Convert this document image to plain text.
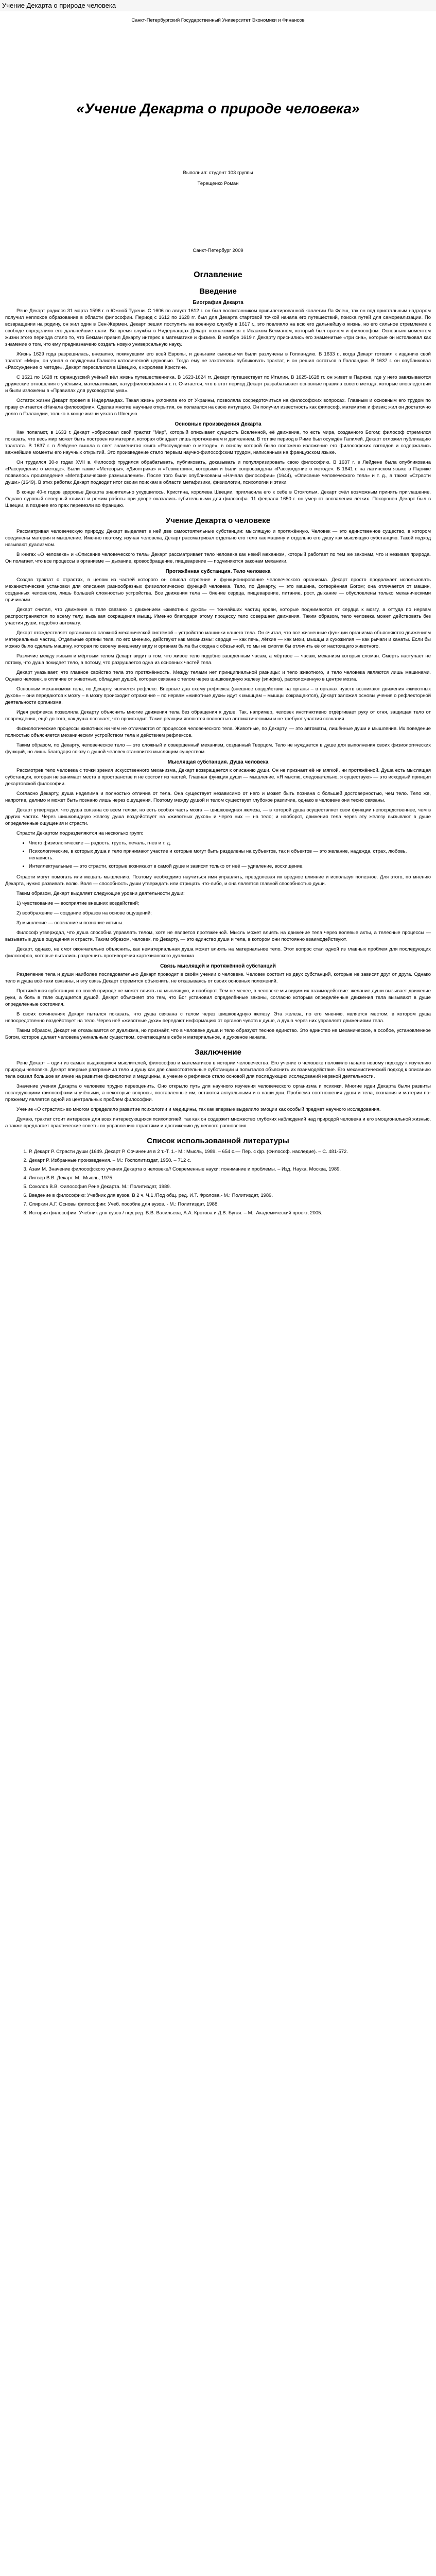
Учение Декарта о природе человека
Санкт-Петербургский Государственный Университет Экономики и Финансов
«Учение Декарта о природе человека»
Выполнил: студент 103 группы
Терещенко Роман
Санкт-Петербург 2009
Оглавление
Введение
Биография Декарта

Рене Декарт родился 31 марта 1596 г. в Южной Турени. С 1606 по август 1612 г. он был воспитанником привилегированной коллегии Ла Флеш, так он под пристальным надзором получил неплохое образование в области философии. Период с 1612 по 1628 гг. был для Декарта стартовой точкой начала его путешествий, поиска путей для самореализации. По возвращении на родину, он жил один в Сен-Жермен. Декарт решил поступить на военную службу в 1617 г., это повлияло на всю его дальнейшую жизнь, но его сильное стремление к свободе определило его дальнейшие шаги. Во время службы в Нидерландах Декарт познакомился с Исааком Бекманом, который был врачом и философом. Основным моментом жизни этого периода стало то, что Бекман привил Декарту интерес к математике и физике. В ноябре 1619 г. Декарту приснились его знаменитые «три сна», которые он истолковал как знамение о том, что ему предназначено создать новую универсальную науку.

Жизнь 1629 года разрешилась, внезапно, покинувшим его всей Европы, и деньгами сыновьями были разлучены в Голландию. В 1633 г., когда Декарт готовил к изданию свой трактат «Мир», он узнал о осуждении Галилея католической церковью. Тогда ему не захотелось публиковать трактат, и он решил остаться в Голландии. В 1637 г. он опубликовал «Рассуждение о методе». Декарт переселился в Швецию, к королеве Кристине.

С 1621 по 1628 гг. французский учёный вёл жизнь путешественника. В 1623-1624 гг. Декарт путешествует по Италии. В 1625-1628 гг. он живет в Париже, где у него завязываются дружеские отношения с учёными, математиками, натурфилософами и т. п. Считается, что в этот период Декарт разрабатывает основные правила своего метода, которые впоследствии и были изложены в «Правилах для руководства ума».

Остаток жизни Декарт провел в Нидерландах. Такая жизнь уклоняла его от Украины, позволяла сосредоточиться на философских вопросах. Главным и основным его трудом по праву считается «Начала философии». Сделав многие научные открытия, он полагался на свою интуицию. Он получил известность как философ, математик и физик; жил он достаточно долго в Голландии, только в конце жизни уехав в Швецию.

Основные произведения Декарта

Как полагают, в 1633 г. Декарт «обрисовал свой трактат "Мир", который описывает сущность Вселенной, её движение, то есть мира, созданного Богом; философ стремился показать, что весь мир может быть построен из материи, которая обладает лишь протяжением и движением. В тот же период в Риме был осуждён Галилей. Декарт отложил публикацию трактата. В 1637 г. в Лейдене вышла в свет знаменитая книга «Рассуждение о методе», в основу которой было положено изложение его философских взглядов и содержались важнейшие моменты его научных открытий. Это произведение стало первым научно-философским трудом, написанным на французском языке.

Он трудился 30-х годах XVII в. Философ трудился обрабатывать, публиковать, доказывать и популяризировать свою философию. В 1637 г. в Лейдене была опубликована «Рассуждение о методе». Были также «Метеоры», «Диоптрика» и «Геометрия», которыми и были сопровождены «Рассуждение о методе». В 1641 г. на латинском языке в Париже появилось произведение «Метафизические размышления». После того были опубликованы «Начала философии» (1644), «Описание человеческого тела» и т. д., а также «Страсти души» (1649). В этих работах Декарт подводит итог своим поискам в области метафизики, физиологии, психологии и этики.

В конце 40-х годов здоровье Декарта значительно ухудшилось. Кристина, королева Швеции, пригласила его к себе в Стокгольм. Декарт счёл возможным принять приглашение. Однако суровый северный климат и режим работы при дворе оказались губительными для философа. 11 февраля 1650 г. он умер от воспаления лёгких. Похоронен Декарт был в Швеции, а позднее его прах перевезли во Францию.

Учение Декарта о человеке

Рассматривая человеческую природу, Декарт выделяет в ней две самостоятельные субстанции: мыслящую и протяжённую. Человек — это единственное существо, в котором соединены материя и мышление. Именно поэтому, изучая человека, Декарт рассматривал отдельно его тело как машину и отдельно его душу как мыслящую субстанцию. Такой подход называют дуализмом.

В книгах «О человеке» и «Описание человеческого тела» Декарт рассматривает тело человека как некий механизм, который работает по тем же законам, что и неживая природа. Он полагает, что все процессы в организме — дыхание, кровообращение, пищеварение — подчиняются законам механики.

Протяжённая субстанция. Тело человека

Создав трактат о страстях, в целом из частей которого он описал строение и функционирование человеческого организма. Декарт просто продолжает использовать механистические установки для описания разнообразных физиологических функций человека. Тело, по Декарту, — это машина, сотворённая Богом; она отличается от машин, созданных человеком, лишь большей сложностью устройства. Все движения тела — биение сердца, пищеварение, питание, рост, дыхание — обусловлены только механическими причинами.

Декарт считал, что движение в теле связано с движением «животных духов» — тончайших частиц крови, которые поднимаются от сердца к мозгу, а оттуда по нервам распространяются по всему телу, вызывая сокращения мышц. Именно благодаря этому процессу тело совершает движения. Таким образом, тело человека может действовать без участия души, подобно автомату.

Декарт отождествляет организм со сложной механической системой – устройство машинки нашего тела. Он считал, что все жизненные функции организма объясняются движением материальных частиц. Отдельные органы тела, по его мнению, действуют как механизмы: сердце — как печь, лёгкие — как мехи, мышцы и сухожилия — как рычаги и канаты. Если бы можно было сделать машину, которая по своему внешнему виду и органам была бы сходна с обезьяной, то мы не смогли бы отличить её от настоящего животного.

Различие между живым и мёртвым телом Декарт видит в том, что живое тело подобно заведённым часам, а мёртвое — часам, механизм которых сломан. Смерть наступает не потому, что душа покидает тело, а потому, что разрушается одна из основных частей тела.

Декарт указывает, что главное свойство тела это протяжённость. Между телами нет принципиальной разницы: и тело животного, и тело человека являются лишь машинами. Однако человек, в отличие от животных, обладает душой, которая связана с телом через шишковидную железу (эпифиз), расположенную в центре мозга.

Основным механизмом тела, по Декарту, является рефлекс. Впервые дав схему рефлекса (внешнее воздействие на органы – в органах чувств возникают движения «животных духов» – они передаются к мозгу – в мозгу происходит отражение – по нервам «животные духи» идут к мышцам – мышцы сокращаются), Декарт заложил основы учения о рефлекторной деятельности организма.

Идея рефлекса позволила Декарту объяснить многие движения тела без обращения к душе. Так, например, человек инстинктивно отдёргивает руку от огня, защищая тело от повреждения, ещё до того, как душа осознает, что происходит. Такие реакции являются полностью автоматическими и не требуют участия сознания.

Физиологические процессы животных ни чем не отличаются от процессов человеческого тела. Животные, по Декарту, — это автоматы, лишённые души и мышления. Их поведение полностью объясняется механическим устройством тела и действием рефлексов.

Таким образом, по Декарту, человеческое тело — это сложный и совершенный механизм, созданный Творцом. Тело не нуждается в душе для выполнения своих физиологических функций, но лишь благодаря союзу с душой человек становится мыслящим существом.

Мыслящая субстанция. Душа человека

Рассмотрев тело человека с точки зрения искусственного механизма, Декарт возвращается к описанию души. Он не признает её ни мягкой, ни протяжённой. Душа есть мыслящая субстанция, которая не занимает места в пространстве и не состоит из частей. Главная функция души — мышление. «Я мыслю, следовательно, я существую» — это исходный принцип декартовской философии.

Согласно Декарту, душа неделима и полностью отлична от тела. Она существует независимо от него и может быть познана с большей достоверностью, чем тело. Тело же, напротив, делимо и может быть познано лишь через ощущения. Поэтому между душой и телом существует глубокое различие, однако в человеке они тесно связаны.

Декарт утверждал, что душа связана со всем телом, но есть особая часть мозга — шишковидная железа, — в которой душа осуществляет свои функции непосредственнее, чем в других частях. Через шишковидную железу душа воздействует на «животных духов» и через них — на тело; и наоборот, движения тела через эту железу вызывают в душе определённые ощущения и страсти.

Страсти Декартом подразделяются на несколько групп:

• Чисто физиологические — радость, грусть, печаль, гнев и т. д.
• Психологические, в которых душа и тело принимают участие и которые могут быть разделены на субъектов, так и объектов — это желание, надежда, страх, любовь, ненависть.
• Интеллектуальные — это страсти, которые возникают в самой душе и зависят только от неё — удивление, восхищение.

Страсти могут помогать или мешать мышлению. Поэтому необходимо научиться ими управлять, преодолевая их вредное влияние и используя полезное. Для этого, по мнению Декарта, нужно развивать волю. Воля — способность души утверждать или отрицать что-либо, и она является главной способностью души.

Таким образом, Декарт выделяет следующие уровни деятельности души:

1) чувствование — восприятие внешних воздействий;

2) воображение — создание образов на основе ощущений;

3) мышление — осознание и познание истины.

Философ утверждал, что душа способна управлять телом, хотя не является протяжённой. Мысль может влиять на движение тела через волевые акты, а телесные процессы — вызывать в душе ощущения и страсти. Таким образом, человек, по Декарту, — это единство души и тела, в котором они постоянно взаимодействуют.

Декарт, однако, не смог окончательно объяснить, как нематериальная душа может влиять на материальное тело. Этот вопрос стал одной из главных проблем для последующих философов, которые пытались разрешить противоречия картезианского дуализма.

Связь мыслящей и протяжённой субстанций

Разделение тела и души наиболее последовательно Декарт проводит в своём учении о человеке. Человек состоит из двух субстанций, которые не зависят друг от друга. Однако тело и душа всё-таки связаны, и эту связь Декарт стремится объяснить, не отказываясь от своих основных положений.

Протяжённая субстанция по своей природе не может влиять на мыслящую, и наоборот. Тем не менее, в человеке мы видим их взаимодействие: желание души вызывает движение руки, а боль в теле ощущается душой. Декарт объясняет это тем, что Бог установил определённые законы, согласно которым определённые движения тела вызывают в душе определённые состояния.

В своих сочинениях Декарт пытался показать, что душа связана с телом через шишковидную железу. Эта железа, по его мнению, является местом, в котором душа непосредственно воздействует на тело. Через неё «животные духи» передают информацию от органов чувств к душе, а душа через них управляет движениями тела.

Таким образом, Декарт не отказывается от дуализма, но признаёт, что в человеке душа и тело образуют тесное единство. Это единство не механическое, а особое, установленное Богом, которое делает человека уникальным существом, сочетающим в себе и материальное, и духовное начала.

Заключение

Рене Декарт – один из самых выдающихся мыслителей, философов и математиков в истории человечества. Его учение о человеке положило начало новому подходу к изучению природы человека. Декарт впервые разграничил тело и душу как две самостоятельные субстанции и попытался объяснить их взаимодействие. Его механистический подход к описанию тела оказал большое влияние на развитие физиологии и медицины, а учение о рефлексе стало основой для последующих исследований нервной деятельности.

Значение учения Декарта о человеке трудно переоценить. Оно открыло путь для научного изучения человеческого организма и психики. Многие идеи Декарта были развиты последующими философами и учёными, а некоторые вопросы, поставленные им, остаются актуальными и в наши дни. Проблема соотношения души и тела, сознания и материи по-прежнему является одной из центральных проблем философии.

Учение «О страстях» во многом определило развитие психологии и медицины, так как впервые выделило эмоции как особый предмет научного исследования.

Думаю, трактат стоит интересен для всех интересующихся психологией, так как он содержит множество глубоких наблюдений над природой человека и его эмоциональной жизнью, а также предлагает практические советы по управлению страстями и достижению душевного равновесия.

Список использованной литературы
1. Р. Декарт Р. Страсти души (1649. Декарт Р. Сочинения в 2 т.-Т. 1.- М.: Мысль, 1989. – 654 с.— Пер. с фр. (Философ. наследие). – С. 481-572.
2. Декарт Р. Избранные произведения. – М.: Госполитиздат, 1950. – 712 с.
3. Азам М. Значение философского учения Декарта о человеке// Современные науки: понимание и проблемы. – Изд. Наука, Москва, 1989.
4. Литвер В.В. Декарт. М.: Мысль, 1975.
5. Соколов В.В. Философия Рене Декарта. М.: Политиздат, 1989.
6. Введение в философию: Учебник для вузов. В 2 ч. Ч.1 /Под общ. ред. И.Т. Фролова.- М.: Политиздат, 1989.
7. Спиркин А.Г. Основы философии: Учеб. пособие для вузов. - М.: Политиздат, 1988.
8. История философии: Учебник для вузов / под ред. В.В. Васильева, А.А. Кротова и Д.В. Бугая. – М.: Академический проект, 2005.
